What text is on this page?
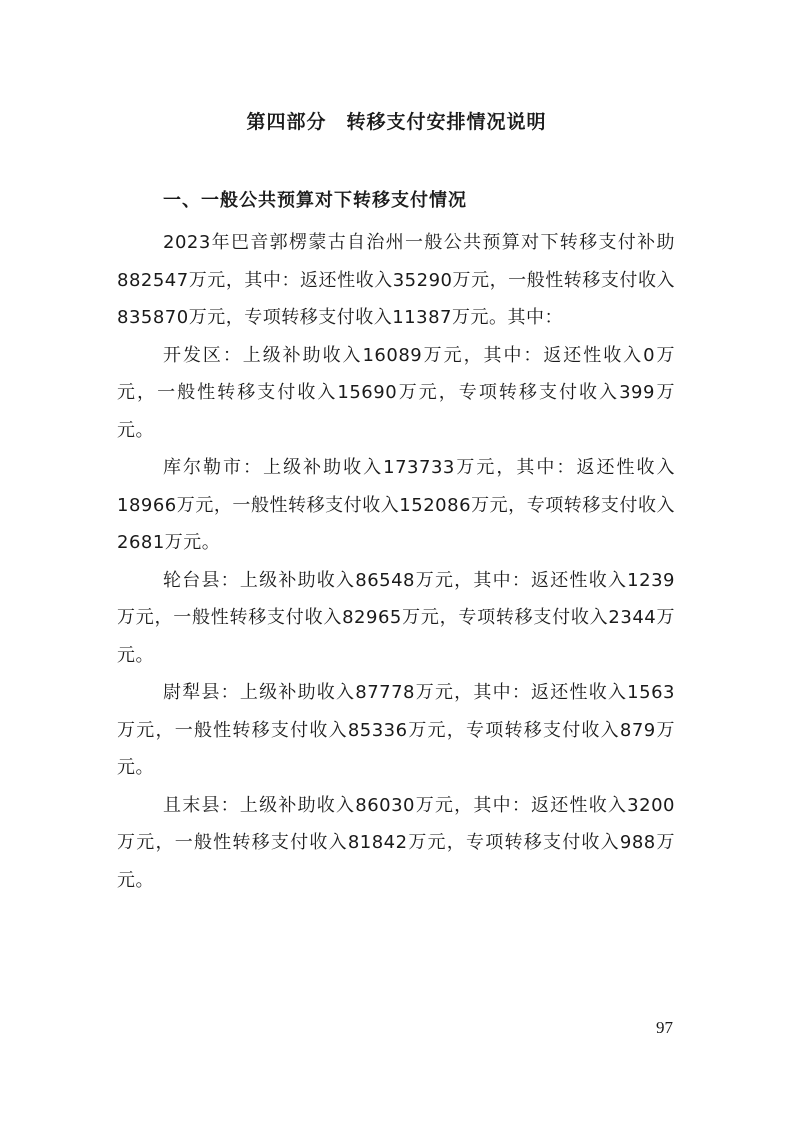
第四部分　转移支付安排情况说明
一、一般公共预算对下转移支付情况

2023年巴音郭楞蒙古自治州一般公共预算对下转移支付补助882547万元，其中：返还性收入35290万元，一般性转移支付收入835870万元，专项转移支付收入11387万元。其中：

开发区：上级补助收入16089万元，其中：返还性收入0万元，一般性转移支付收入15690万元，专项转移支付收入399万元。

库尔勒市：上级补助收入173733万元，其中：返还性收入18966万元，一般性转移支付收入152086万元，专项转移支付收入2681万元。

轮台县：上级补助收入86548万元，其中：返还性收入1239万元，一般性转移支付收入82965万元，专项转移支付收入2344万元。

尉犁县：上级补助收入87778万元，其中：返还性收入1563万元，一般性转移支付收入85336万元，专项转移支付收入879万元。

且末县：上级补助收入86030万元，其中：返还性收入3200万元，一般性转移支付收入81842万元，专项转移支付收入988万元。

97
